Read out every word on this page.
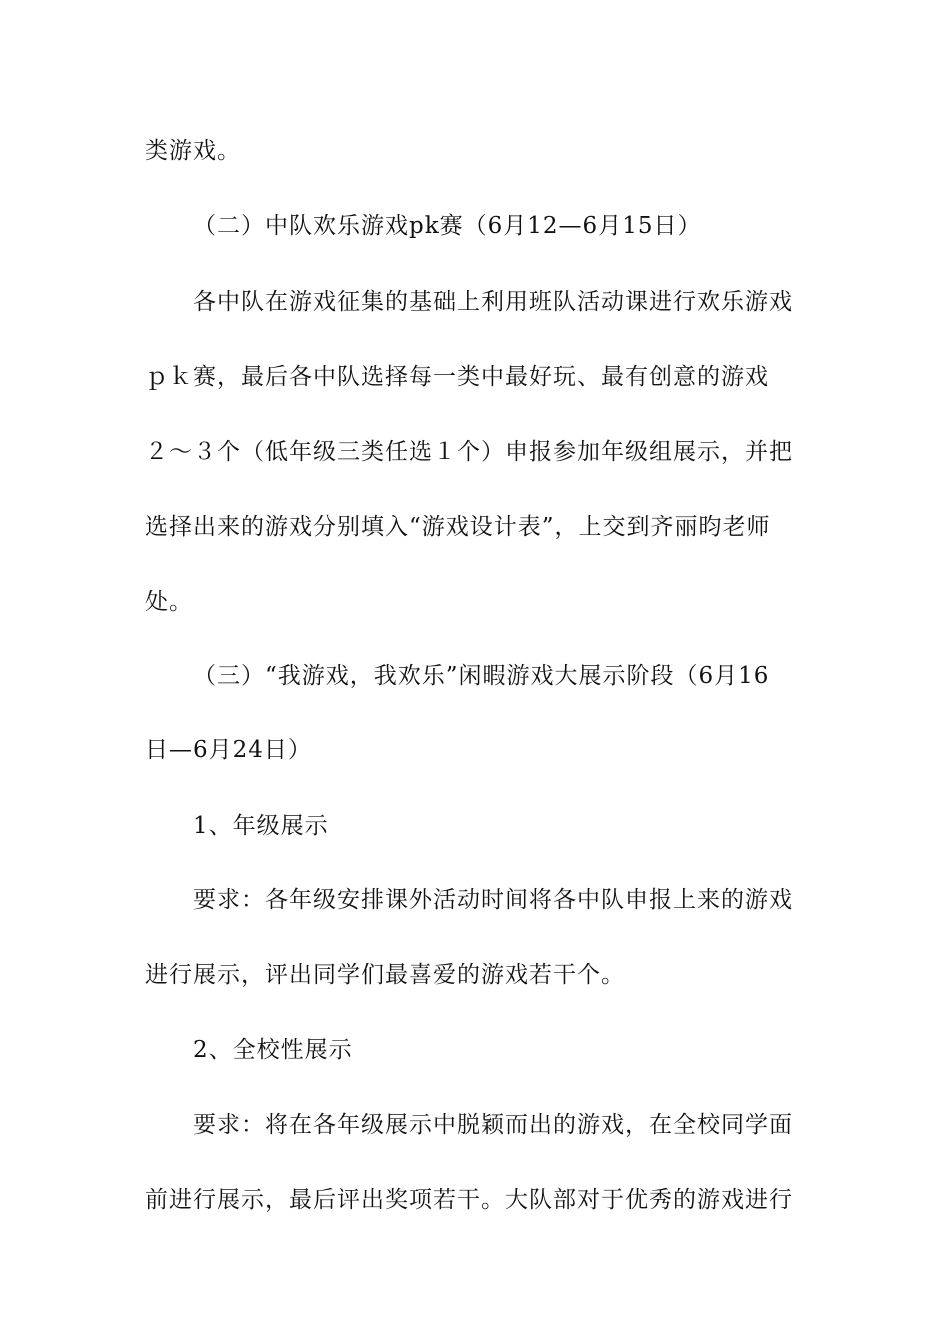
类游戏。
（二）中队欢乐游戏pk赛（6月12—6月15日）
各中队在游戏征集的基础上利用班队活动课进行欢乐游戏
ｐｋ赛，最后各中队选择每一类中最好玩、最有创意的游戏
２～３个（低年级三类任选１个）申报参加年级组展示，并把
选择出来的游戏分别填入“游戏设计表”，上交到齐丽昀老师
处。
（三）“我游戏，我欢乐”闲暇游戏大展示阶段（6月16
日—6月24日）
1、年级展示
要求：各年级安排课外活动时间将各中队申报上来的游戏
进行展示，评出同学们最喜爱的游戏若干个。
2、全校性展示
要求：将在各年级展示中脱颖而出的游戏，在全校同学面
前进行展示，最后评出奖项若干。大队部对于优秀的游戏进行
